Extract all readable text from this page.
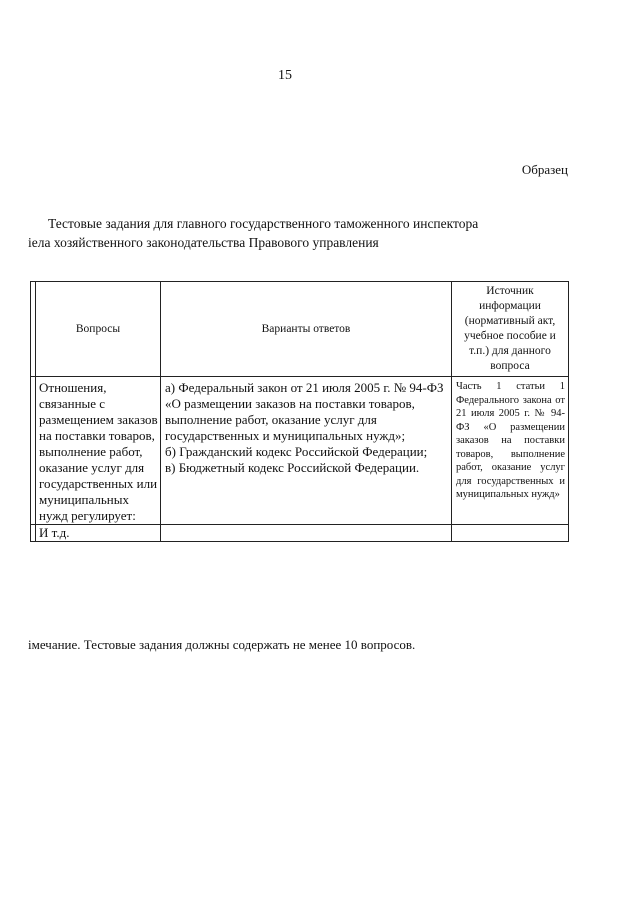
15
Образец
Тестовые задания для главного государственного таможенного инспектора
іела хозяйственного законодательства Правового управления
	Вопросы	Варианты ответов	Источник информации (нормативный акт, учебное пособие и т.п.) для данного вопроса
	Отношения, связанные с размещением заказов на поставки товаров, выполнение работ, оказание услуг для государственных или муниципальных нужд регулирует:	а) Федеральный закон от 21 июля 2005 г. № 94-ФЗ «О размещении заказов на поставки товаров, выполнение работ, оказание услуг для государственных и муниципальных нужд»;
б) Гражданский кодекс Российской Федерации;
в) Бюджетный кодекс Российской Федерации.	Часть 1 статьи 1 Федерального закона от 21 июля 2005 г. № 94-ФЗ «О размещении заказов на поставки товаров, выполнение работ, оказание услуг для государственных и муниципальных нужд»
	И т.д.		
імечание. Тестовые задания должны содержать не менее 10 вопросов.
